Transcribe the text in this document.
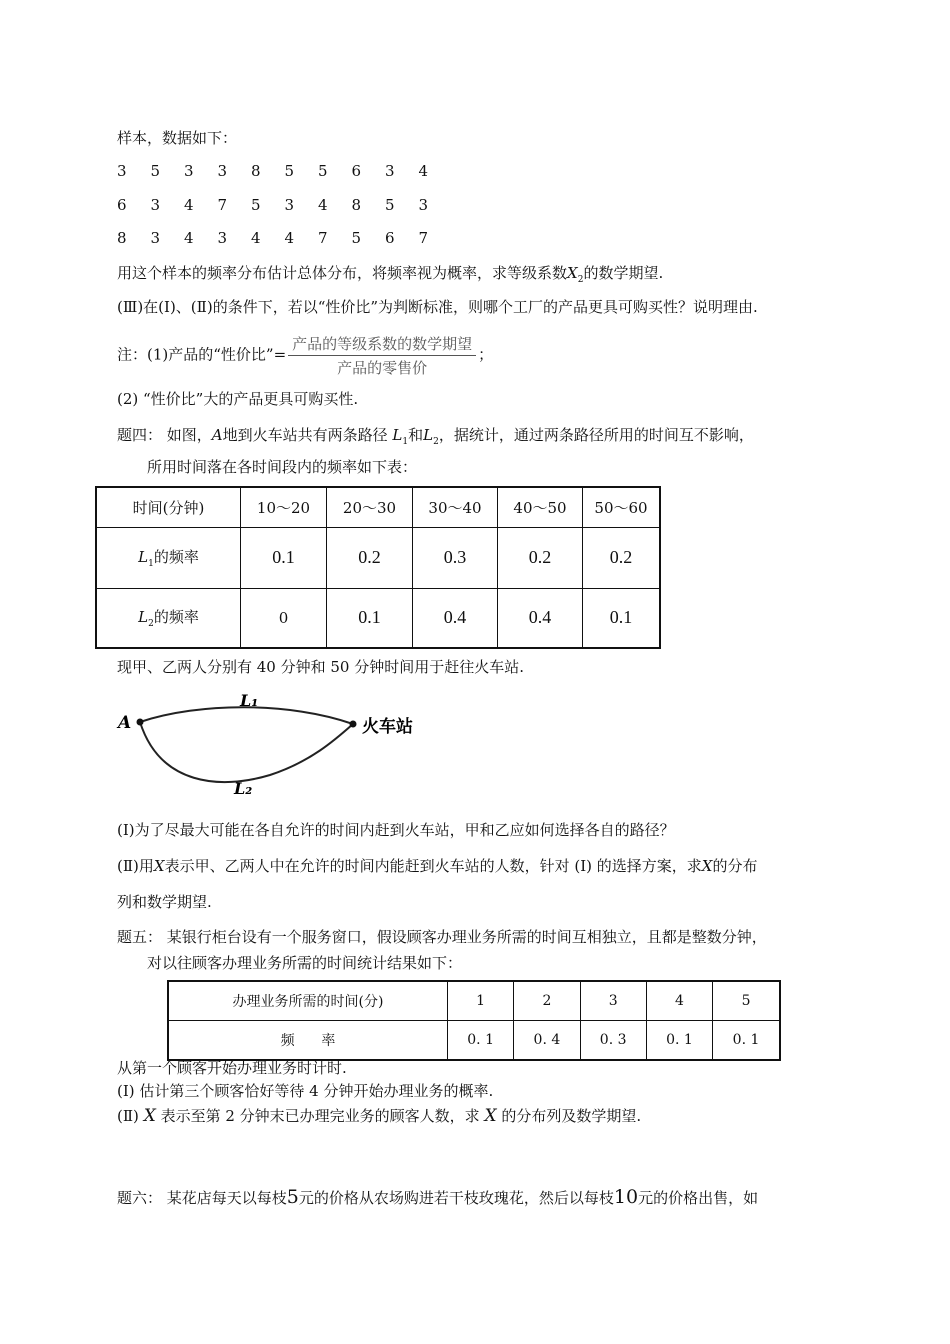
样本，数据如下：
3 5 3 3 8 5 5 6 3 4
6 3 4 7 5 3 4 8 5 3
8 3 4 3 4 4 7 5 6 7
用这个样本的频率分布估计总体分布，将频率视为概率，求等级系数$X_2$的数学期望.
(Ⅲ)在(Ⅰ)、(Ⅱ)的条件下，若以“性价比”为判断标准，则哪个工厂的产品更具可购买性？说明理由.
注：(1)产品的“性价比”= $\frac{\text{产品的等级系数的数学期望}}{\text{产品的零售价}}$ ；
(2) “性价比”大的产品更具可购买性.
题四： 如图，A地到火车站共有两条路径 $L_1$和$L_2$，据统计，通过两条路径所用的时间互不影响，
所用时间落在各时间段内的频率如下表：
时间(分钟)	10～20	20～30	30～40	40～50	50～60
$L_1$的频率	0.1	0.2	0.3	0.2	0.2
$L_2$的频率	0	0.1	0.4	0.4	0.1
现甲、乙两人分别有 40 分钟和 50 分钟时间用于赶往火车站.
A	火车站
L₁
L₂
(Ⅰ)为了尽最大可能在各自允许的时间内赶到火车站，甲和乙应如何选择各自的路径？
(Ⅱ)用X表示甲、乙两人中在允许的时间内能赶到火车站的人数，针对 (Ⅰ) 的选择方案，求X的分布
列和数学期望.
题五： 某银行柜台设有一个服务窗口，假设顾客办理业务所需的时间互相独立，且都是整数分钟，
对以往顾客办理业务所需的时间统计结果如下：
办理业务所需的时间(分)	1	2	3	4	5
频      率	0. 1	0. 4	0. 3	0. 1	0. 1
从第一个顾客开始办理业务时计时.
(Ⅰ) 估计第三个顾客恰好等待 4 分钟开始办理业务的概率.
(Ⅱ) X 表示至第 2 分钟末已办理完业务的顾客人数，求 X 的分布列及数学期望.
题六： 某花店每天以每枝5元的价格从农场购进若干枝玫瑰花，然后以每枝10元的价格出售，如
